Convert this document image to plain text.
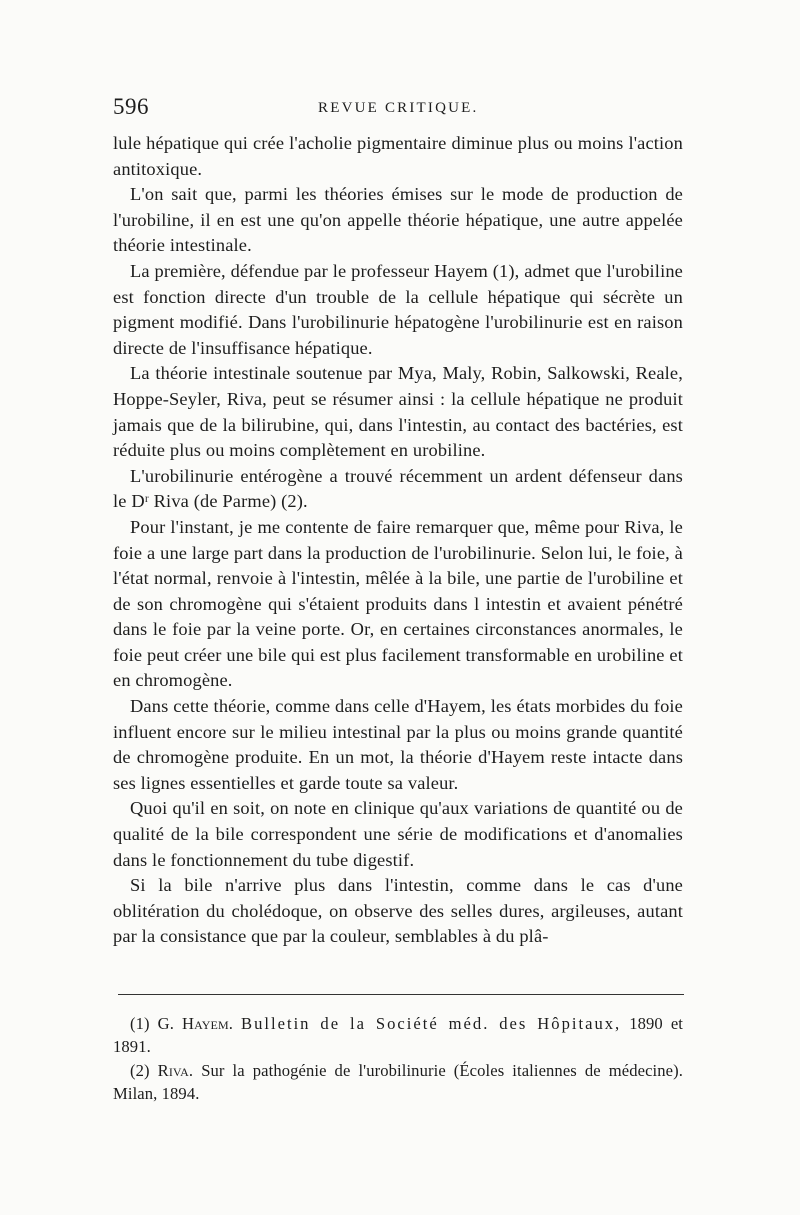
596	REVUE CRITIQUE.

lule hépatique qui crée l'acholie pigmentaire diminue plus ou moins l'action antitoxique.

L'on sait que, parmi les théories émises sur le mode de production de l'urobiline, il en est une qu'on appelle théorie hépatique, une autre appelée théorie intestinale.

La première, défendue par le professeur Hayem (1), admet que l'urobiline est fonction directe d'un trouble de la cellule hépatique qui sécrète un pigment modifié. Dans l'urobilinurie hépatogène l'urobilinurie est en raison directe de l'insuffisance hépatique.

La théorie intestinale soutenue par Mya, Maly, Robin, Salkowski, Reale, Hoppe-Seyler, Riva, peut se résumer ainsi : la cellule hépatique ne produit jamais que de la bilirubine, qui, dans l'intestin, au contact des bactéries, est réduite plus ou moins complètement en urobiline.

L'urobilinurie entérogène a trouvé récemment un ardent défenseur dans le Dʳ Riva (de Parme) (2).

Pour l'instant, je me contente de faire remarquer que, même pour Riva, le foie a une large part dans la production de l'urobilinurie. Selon lui, le foie, à l'état normal, renvoie à l'intestin, mêlée à la bile, une partie de l'urobiline et de son chromogène qui s'étaient produits dans l intestin et avaient pénétré dans le foie par la veine porte. Or, en certaines circonstances anormales, le foie peut créer une bile qui est plus facilement transformable en urobiline et en chromogène.

Dans cette théorie, comme dans celle d'Hayem, les états morbides du foie influent encore sur le milieu intestinal par la plus ou moins grande quantité de chromogène produite. En un mot, la théorie d'Hayem reste intacte dans ses lignes essentielles et garde toute sa valeur.

Quoi qu'il en soit, on note en clinique qu'aux variations de quantité ou de qualité de la bile correspondent une série de modifications et d'anomalies dans le fonctionnement du tube digestif.

Si la bile n'arrive plus dans l'intestin, comme dans le cas d'une oblitération du cholédoque, on observe des selles dures, argileuses, autant par la consistance que par la couleur, semblables à du plâ-

(1) G. Hayem. Bulletin de la Société méd. des Hôpitaux, 1890 et 1891.

(2) Riva. Sur la pathogénie de l'urobilinurie (Écoles italiennes de médecine). Milan, 1894.
